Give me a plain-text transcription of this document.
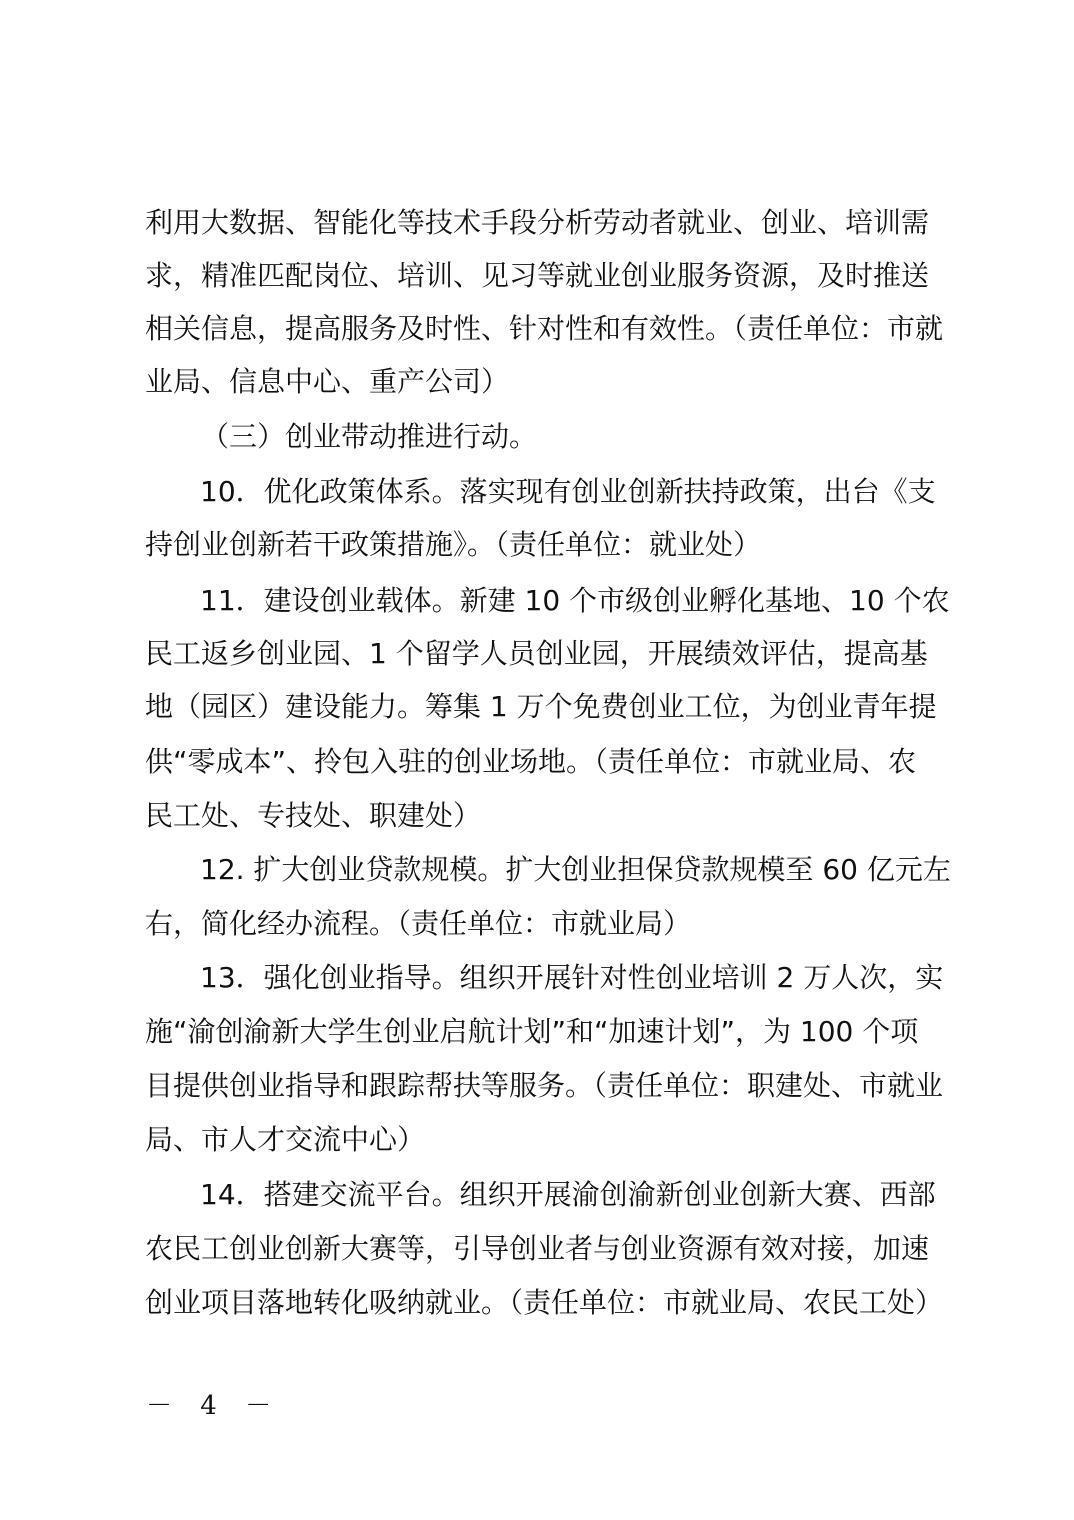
利用大数据、智能化等技术手段分析劳动者就业、创业、培训需
求，精准匹配岗位、培训、见习等就业创业服务资源，及时推送
相关信息，提高服务及时性、针对性和有效性。（责任单位：市就
业局、信息中心、重产公司）
（三）创业带动推进行动。
10．优化政策体系。落实现有创业创新扶持政策，出台《支
持创业创新若干政策措施》。（责任单位：就业处）
11．建设创业载体。新建 10 个市级创业孵化基地、10 个农
民工返乡创业园、1 个留学人员创业园，开展绩效评估，提高基
地（园区）建设能力。筹集 1 万个免费创业工位，为创业青年提
供“零成本”、拎包入驻的创业场地。（责任单位：市就业局、农
民工处、专技处、职建处）
12. 扩大创业贷款规模。扩大创业担保贷款规模至 60 亿元左
右，简化经办流程。（责任单位：市就业局）
13．强化创业指导。组织开展针对性创业培训 2 万人次，实
施“渝创渝新大学生创业启航计划”和“加速计划”，为 100 个项
目提供创业指导和跟踪帮扶等服务。（责任单位：职建处、市就业
局、市人才交流中心）
14．搭建交流平台。组织开展渝创渝新创业创新大赛、西部
农民工创业创新大赛等，引导创业者与创业资源有效对接，加速
创业项目落地转化吸纳就业。（责任单位：市就业局、农民工处）
－ 4 －
